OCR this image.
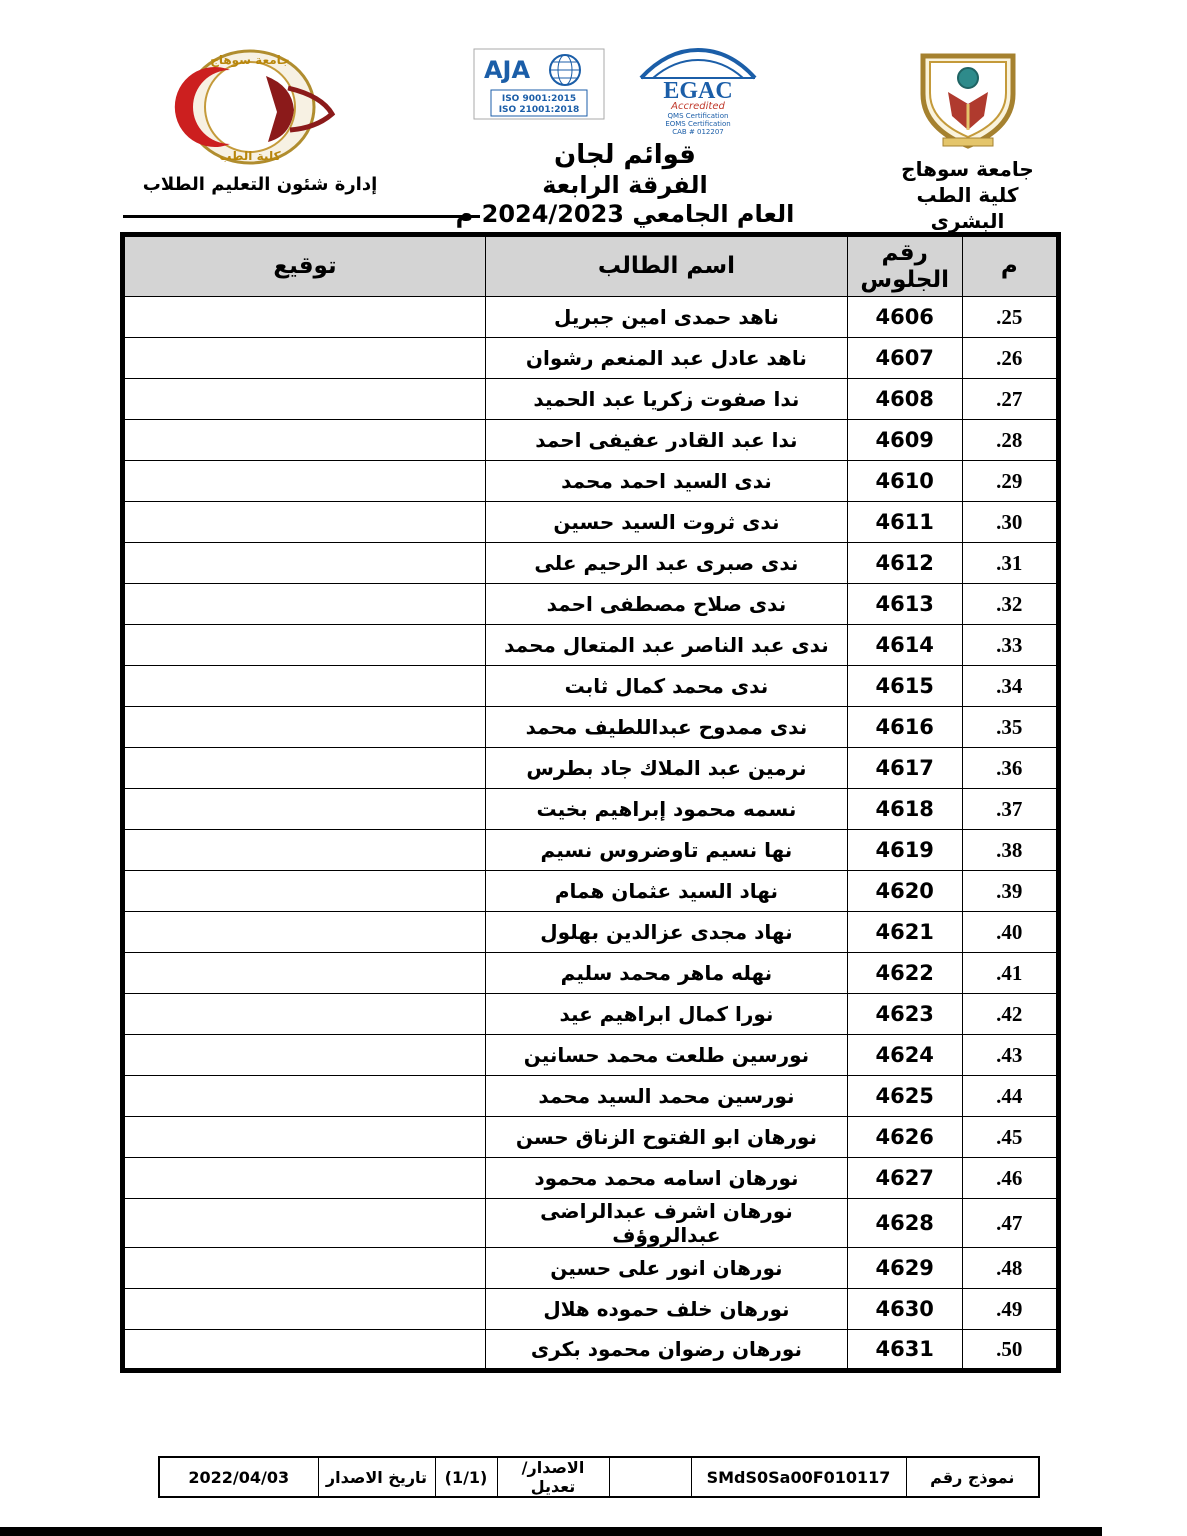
جامعة سوهاج
كلية الطب
إدارة شئون التعليم الطلاب
EGAC
Accredited
QMS Certification
EOMS Certification
CAB # 012207
AJA
ISO 9001:2015
ISO 21001:2018
قوائم لجان
الفرقة الرابعة
العام الجامعي 2024/2023 م
جامعة سوهاج
كلية الطب البشرى
م	رقم الجلوس	اسم الطالب	توقيع
25.	4606	ناهد حمدى امين جبريل	
26.	4607	ناهد عادل عبد المنعم رشوان	
27.	4608	ندا صفوت زكريا عبد الحميد	
28.	4609	ندا عبد القادر عفيفى احمد	
29.	4610	ندى السيد احمد محمد	
30.	4611	ندى ثروت السيد حسين	
31.	4612	ندى صبرى عبد الرحيم على	
32.	4613	ندى صلاح مصطفى احمد	
33.	4614	ندى عبد الناصر عبد المتعال محمد	
34.	4615	ندى محمد كمال ثابت	
35.	4616	ندى ممدوح عبداللطيف محمد	
36.	4617	نرمين عبد الملاك جاد بطرس	
37.	4618	نسمه محمود إبراهيم بخيت	
38.	4619	نها نسيم تاوضروس نسيم	
39.	4620	نهاد السيد عثمان همام	
40.	4621	نهاد مجدى عزالدين بهلول	
41.	4622	نهله ماهر محمد سليم	
42.	4623	نورا كمال ابراهيم عيد	
43.	4624	نورسين طلعت محمد حسانين	
44.	4625	نورسين محمد السيد محمد	
45.	4626	نورهان ابو الفتوح الزناق حسن	
46.	4627	نورهان اسامه محمد محمود	
47.	4628	نورهان اشرف عبدالراضى عبدالروؤف	
48.	4629	نورهان انور على حسين	
49.	4630	نورهان خلف حموده هلال	
50.	4631	نورهان رضوان محمود بكرى	
نموذج رقم	SMdS0Sa00F010117		الاصدار/تعديل	(1/1)	تاريخ الاصدار	2022/04/03
